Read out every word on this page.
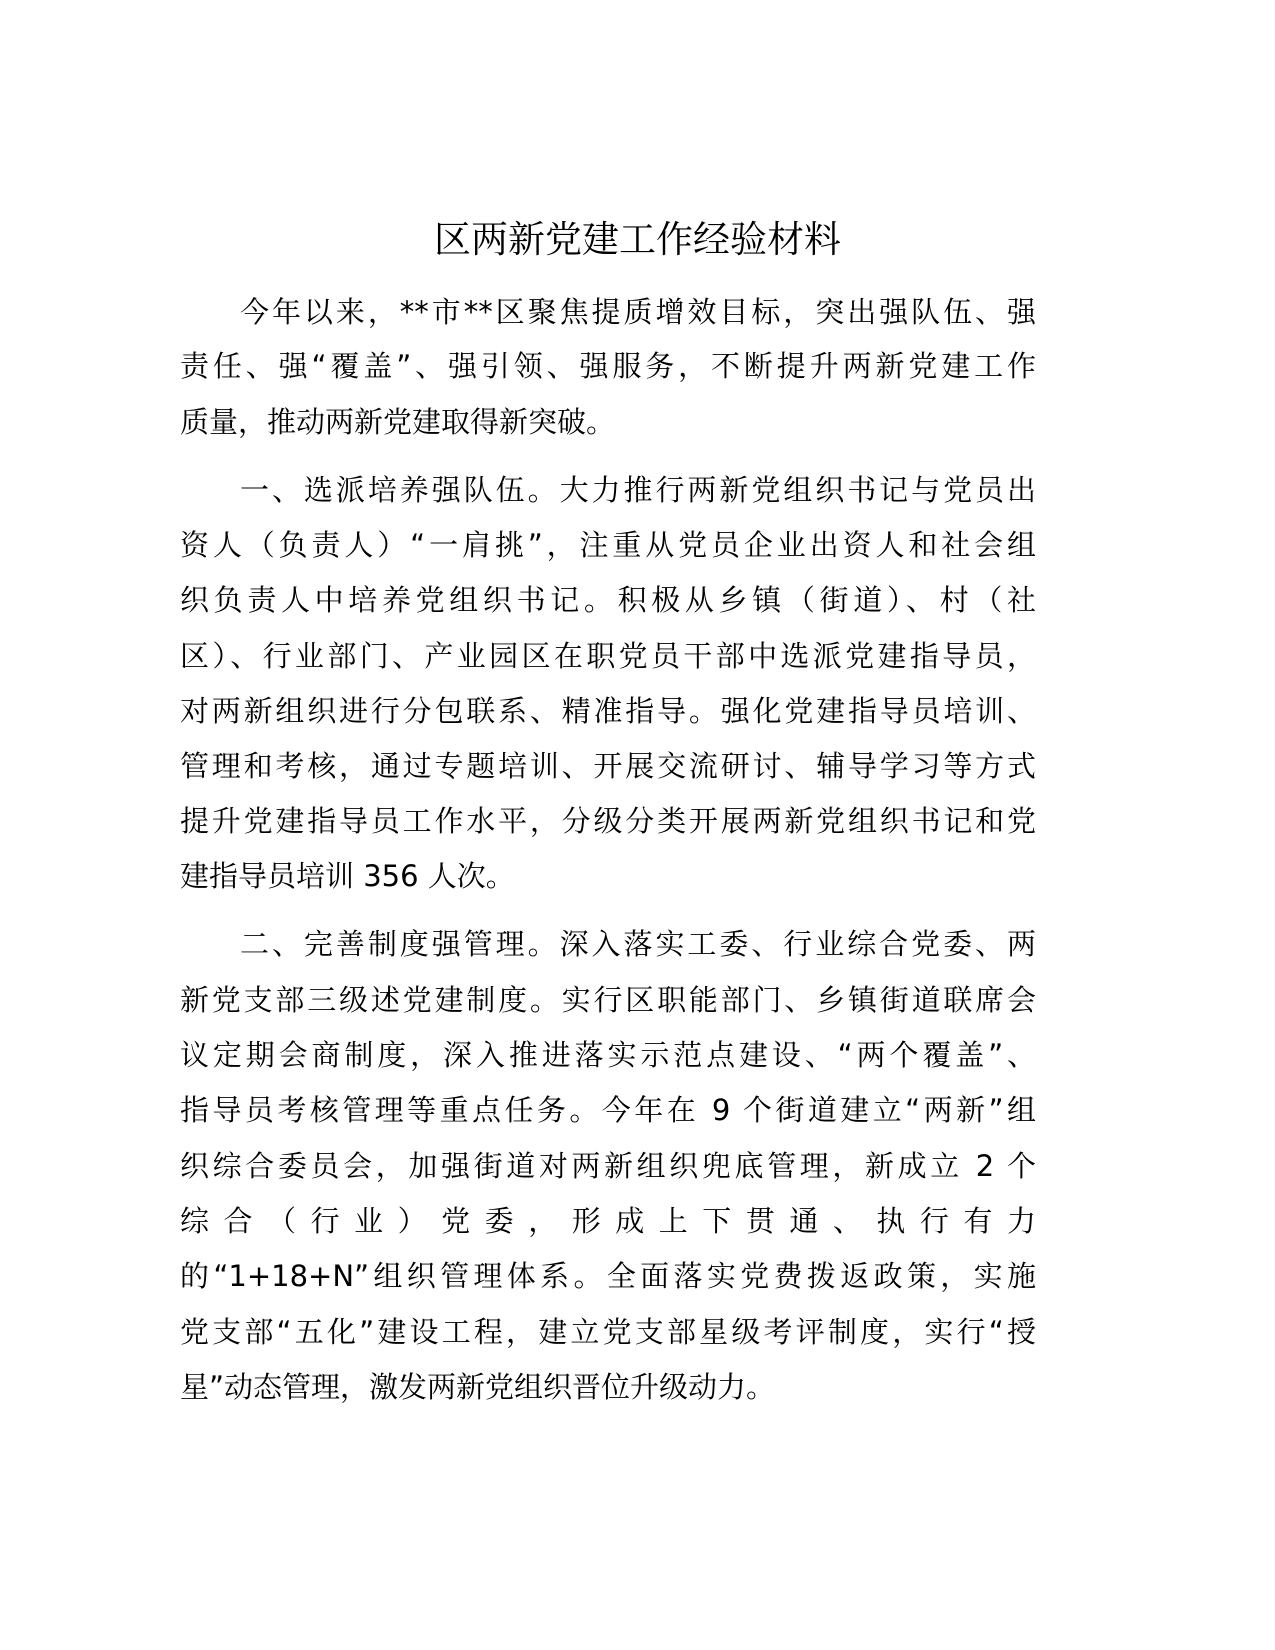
区两新党建工作经验材料
今年以来，**市**区聚焦提质增效目标，突出强队伍、强
责任、强“覆盖”、强引领、强服务，不断提升两新党建工作
质量，推动两新党建取得新突破。
一、选派培养强队伍。大力推行两新党组织书记与党员出
资人（负责人）“一肩挑”，注重从党员企业出资人和社会组
织负责人中培养党组织书记。积极从乡镇（街道）、村（社
区）、行业部门、产业园区在职党员干部中选派党建指导员，
对两新组织进行分包联系、精准指导。强化党建指导员培训、
管理和考核，通过专题培训、开展交流研讨、辅导学习等方式
提升党建指导员工作水平，分级分类开展两新党组织书记和党
建指导员培训 356 人次。
二、完善制度强管理。深入落实工委、行业综合党委、两
新党支部三级述党建制度。实行区职能部门、乡镇街道联席会
议定期会商制度，深入推进落实示范点建设、“两个覆盖”、
指导员考核管理等重点任务。今年在 9 个街道建立“两新”组
织综合委员会，加强街道对两新组织兜底管理，新成立 2 个
综合（行业）党委，形成上下贯通、执行有力
的“1+18+N”组织管理体系。全面落实党费拨返政策，实施
党支部“五化”建设工程，建立党支部星级考评制度，实行“授
星”动态管理，激发两新党组织晋位升级动力。
